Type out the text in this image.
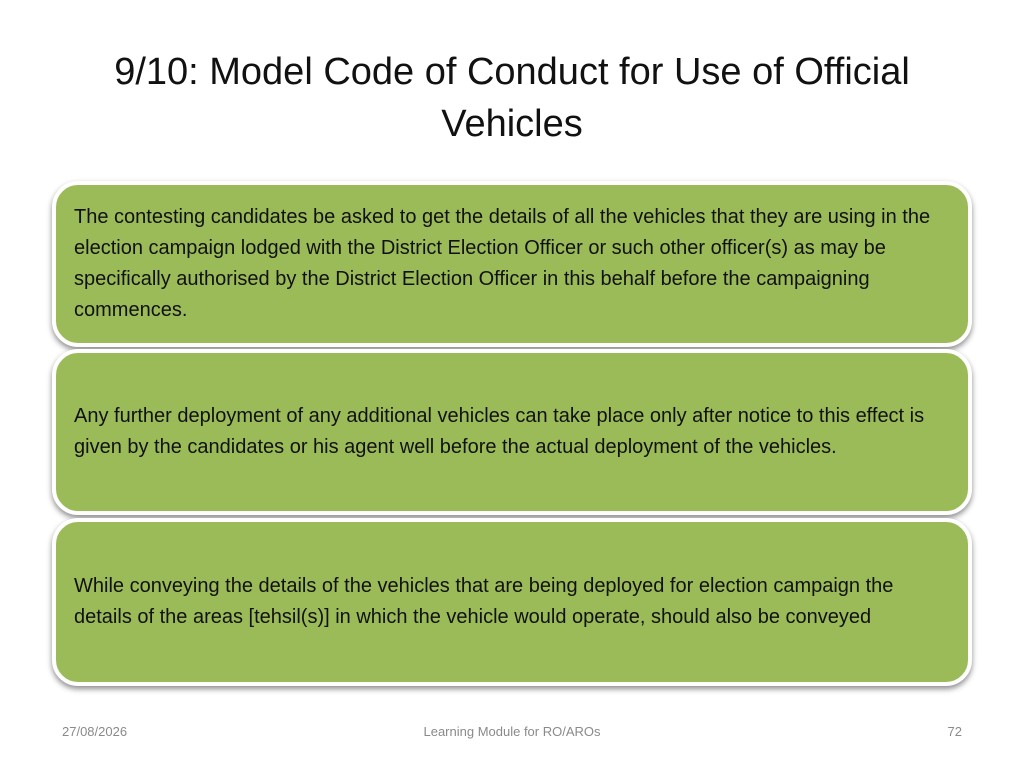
9/10: Model Code of Conduct for Use of Official Vehicles
The contesting candidates be asked to get the details of all the vehicles that they are using in the election campaign lodged with the District Election Officer or such other officer(s) as may be specifically authorised by the District Election Officer in this behalf before the campaigning commences.
Any further deployment of any additional vehicles can take place only after notice to this effect is given by the candidates or his agent well before the actual deployment of the vehicles.
While conveying the details of the vehicles that are being deployed for election campaign the details of the areas [tehsil(s)] in which the vehicle would operate, should also be conveyed
27/08/2026	Learning Module for RO/AROs	72
